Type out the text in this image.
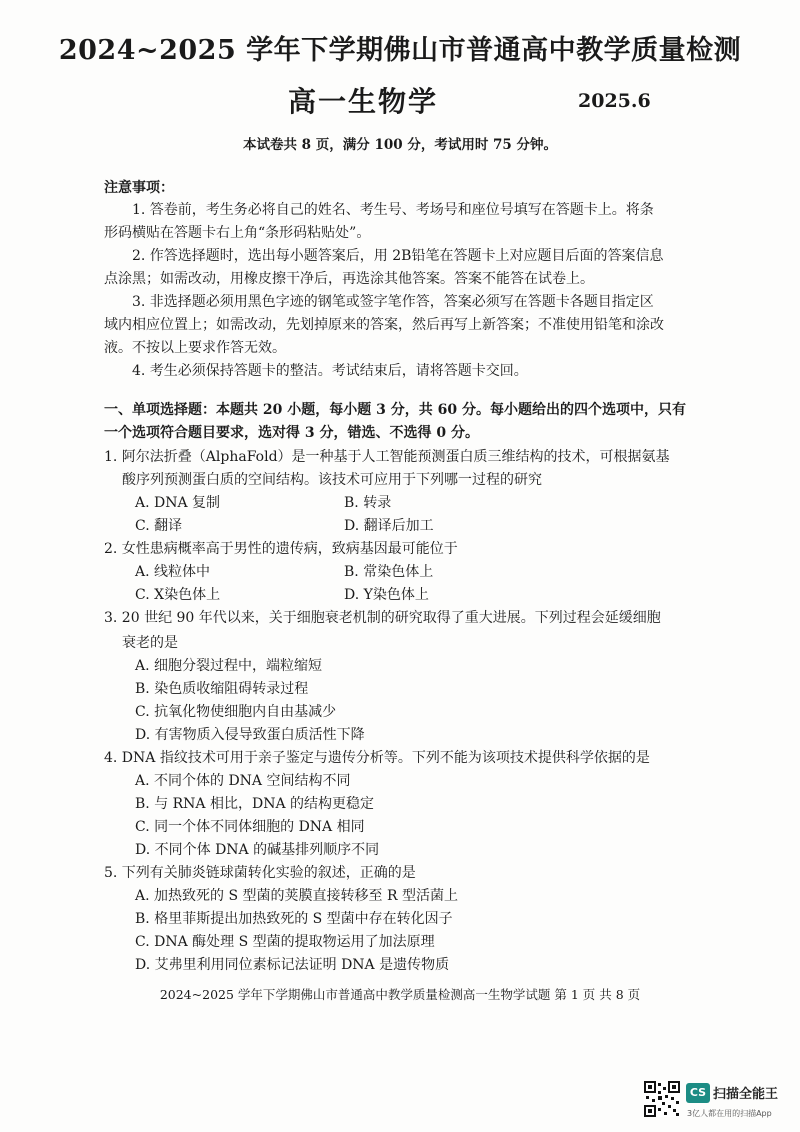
2024~2025 学年下学期佛山市普通高中教学质量检测
高一生物学	2025.6
本试卷共 8 页，满分 100 分，考试用时 75 分钟。
注意事项：
1. 答卷前，考生务必将自己的姓名、考生号、考场号和座位号填写在答题卡上。将条
形码横贴在答题卡右上角“条形码粘贴处”。
2. 作答选择题时，选出每小题答案后，用 2B铅笔在答题卡上对应题目后面的答案信息
点涂黑；如需改动，用橡皮擦干净后，再选涂其他答案。答案不能答在试卷上。
3. 非选择题必须用黑色字迹的钢笔或签字笔作答，答案必须写在答题卡各题目指定区
域内相应位置上；如需改动，先划掉原来的答案，然后再写上新答案；不准使用铅笔和涂改
液。不按以上要求作答无效。
4. 考生必须保持答题卡的整洁。考试结束后，请将答题卡交回。
一、单项选择题：本题共 20 小题，每小题 3 分，共 60 分。每小题给出的四个选项中，只有
一个选项符合题目要求，选对得 3 分，错选、不选得 0 分。
1. 阿尔法折叠（AlphaFold）是一种基于人工智能预测蛋白质三维结构的技术，可根据氨基
酸序列预测蛋白质的空间结构。该技术可应用于下列哪一过程的研究
A. DNA 复制	B. 转录
C. 翻译	D. 翻译后加工
2. 女性患病概率高于男性的遗传病，致病基因最可能位于
A. 线粒体中	B. 常染色体上
C. X染色体上	D. Y染色体上
3. 20 世纪 90 年代以来，关于细胞衰老机制的研究取得了重大进展。下列过程会延缓细胞
衰老的是
A. 细胞分裂过程中，端粒缩短
B. 染色质收缩阻碍转录过程
C. 抗氧化物使细胞内自由基减少
D. 有害物质入侵导致蛋白质活性下降
4. DNA 指纹技术可用于亲子鉴定与遗传分析等。下列不能为该项技术提供科学依据的是
A. 不同个体的 DNA 空间结构不同
2024~2025 学年下学期佛山市普通高中教学质量检测高一生物学试题 第 1 页 共 8 页
CS 扫描全能王
3亿人都在用的扫描App
B. 与 RNA 相比，DNA 的结构更稳定
C. 同一个体不同体细胞的 DNA 相同
D. 不同个体 DNA 的碱基排列顺序不同
5. 下列有关肺炎链球菌转化实验的叙述，正确的是
A. 加热致死的 S 型菌的荚膜直接转移至 R 型活菌上
B. 格里菲斯提出加热致死的 S 型菌中存在转化因子
C. DNA 酶处理 S 型菌的提取物运用了加法原理
D. 艾弗里利用同位素标记法证明 DNA 是遗传物质
